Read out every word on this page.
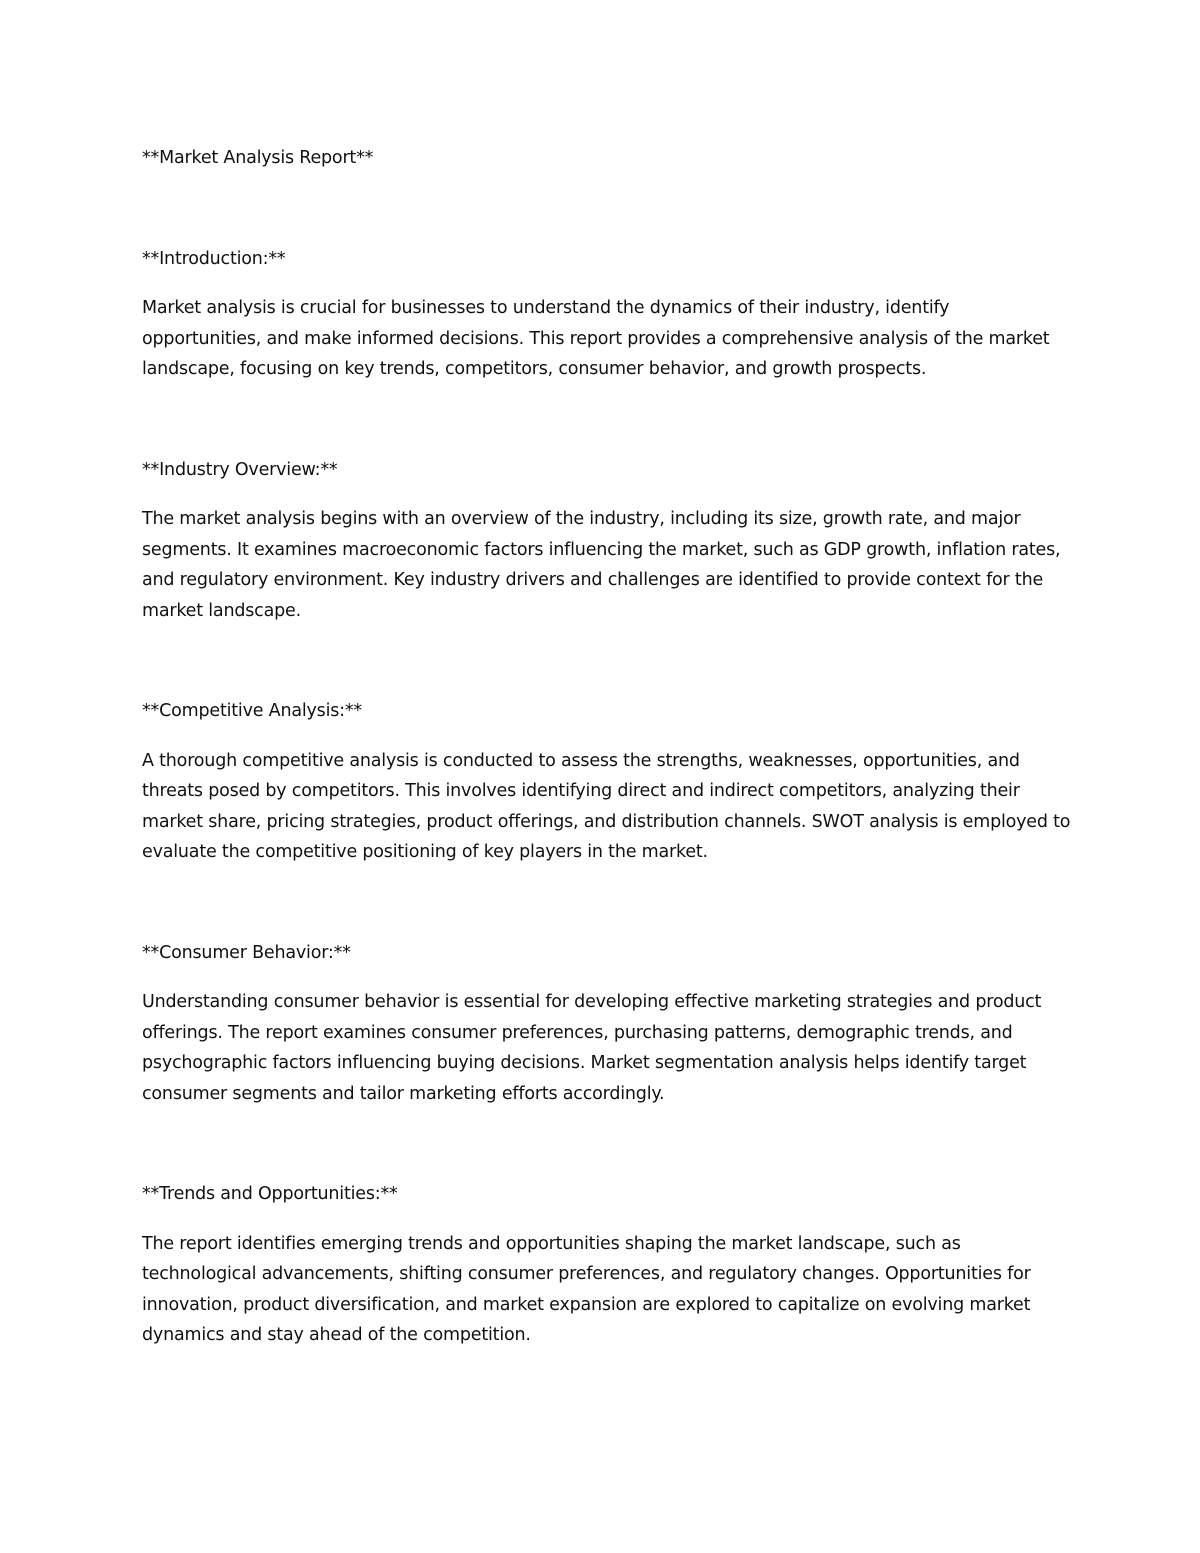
**Market Analysis Report**

**Introduction:**

Market analysis is crucial for businesses to understand the dynamics of their industry, identify opportunities, and make informed decisions. This report provides a comprehensive analysis of the market landscape, focusing on key trends, competitors, consumer behavior, and growth prospects.

**Industry Overview:**

The market analysis begins with an overview of the industry, including its size, growth rate, and major segments. It examines macroeconomic factors influencing the market, such as GDP growth, inflation rates, and regulatory environment. Key industry drivers and challenges are identified to provide context for the market landscape.

**Competitive Analysis:**

A thorough competitive analysis is conducted to assess the strengths, weaknesses, opportunities, and threats posed by competitors. This involves identifying direct and indirect competitors, analyzing their market share, pricing strategies, product offerings, and distribution channels. SWOT analysis is employed to evaluate the competitive positioning of key players in the market.

**Consumer Behavior:**

Understanding consumer behavior is essential for developing effective marketing strategies and product offerings. The report examines consumer preferences, purchasing patterns, demographic trends, and psychographic factors influencing buying decisions. Market segmentation analysis helps identify target consumer segments and tailor marketing efforts accordingly.

**Trends and Opportunities:**

The report identifies emerging trends and opportunities shaping the market landscape, such as technological advancements, shifting consumer preferences, and regulatory changes. Opportunities for innovation, product diversification, and market expansion are explored to capitalize on evolving market dynamics and stay ahead of the competition.
